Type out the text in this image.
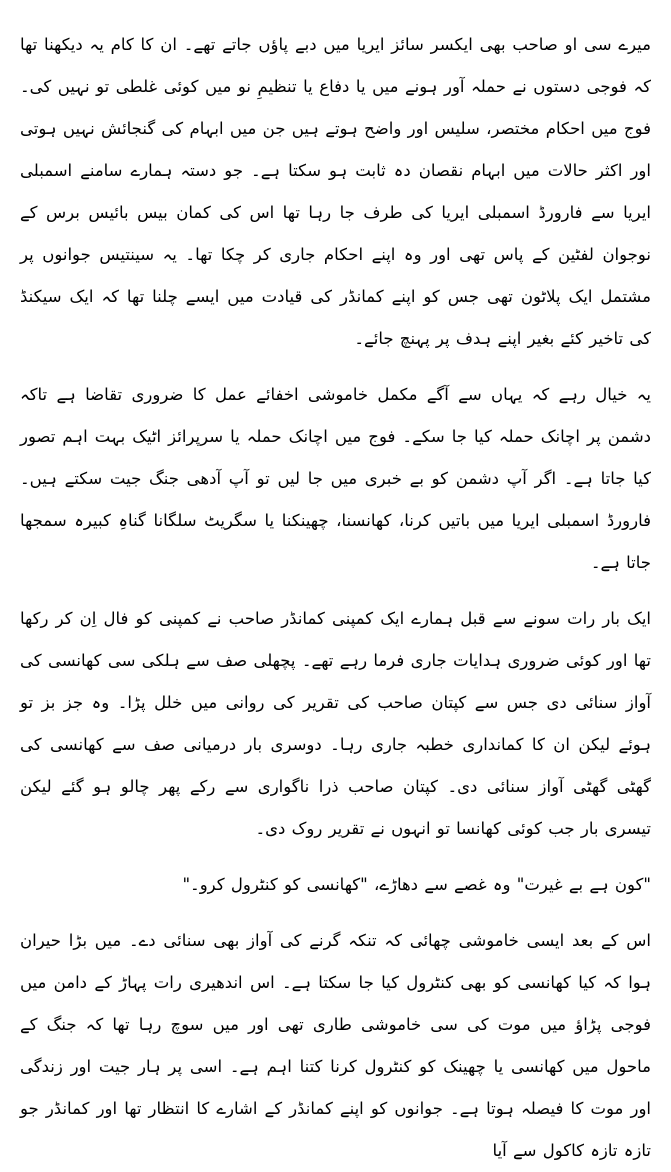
میرے سی او صاحب بھی ایکسر سائز ایریا میں دبے پاؤں جاتے تھے۔ ان کا کام یہ دیکھنا تھا کہ فوجی دستوں نے حملہ آور ہونے میں یا دفاع یا تنظیمِ نو میں کوئی غلطی تو نہیں کی۔ فوج میں احکام مختصر، سلیس اور واضح ہوتے ہیں جن میں ابہام کی گنجائش نہیں ہوتی اور اکثر حالات میں ابہام نقصان دہ ثابت ہو سکتا ہے۔ جو دستہ ہمارے سامنے اسمبلی ایریا سے فارورڈ اسمبلی ایریا کی طرف جا رہا تھا اس کی کمان بیس بائیس برس کے نوجوان لفٹین کے پاس تھی اور وہ اپنے احکام جاری کر چکا تھا۔ یہ سینتیس جوانوں پر مشتمل ایک پلاٹون تھی جس کو اپنے کمانڈر کی قیادت میں ایسے چلنا تھا کہ ایک سیکنڈ کی تاخیر کئے بغیر اپنے ہدف پر پہنچ جائے۔

یہ خیال رہے کہ یہاں سے آگے مکمل خاموشی اخفائے عمل کا ضروری تقاضا ہے تاکہ دشمن پر اچانک حملہ کیا جا سکے۔ فوج میں اچانک حملہ یا سرپرائز اٹیک بہت اہم تصور کیا جاتا ہے۔ اگر آپ دشمن کو بے خبری میں جا لیں تو آپ آدھی جنگ جیت سکتے ہیں۔ فارورڈ اسمبلی ایریا میں باتیں کرنا، کھانسنا، چھینکنا یا سگریٹ سلگانا گناہِ کبیرہ سمجھا جاتا ہے۔

ایک بار رات سونے سے قبل ہمارے ایک کمپنی کمانڈر صاحب نے کمپنی کو فال اِن کر رکھا تھا اور کوئی ضروری ہدایات جاری فرما رہے تھے۔ پچھلی صف سے ہلکی سی کھانسی کی آواز سنائی دی جس سے کپتان صاحب کی تقریر کی روانی میں خلل پڑا۔ وہ جز بز تو ہوئے لیکن ان کا کمانداری خطبہ جاری رہا۔ دوسری بار درمیانی صف سے کھانسی کی گھٹی گھٹی آواز سنائی دی۔ کپتان صاحب ذرا ناگواری سے رکے پھر چالو ہو گئے لیکن تیسری بار جب کوئی کھانسا تو انہوں نے تقریر روک دی۔

"کون ہے بے غیرت" وہ غصے سے دھاڑے، "کھانسی کو کنٹرول کرو۔"

اس کے بعد ایسی خاموشی چھائی کہ تنکہ گرنے کی آواز بھی سنائی دے۔ میں بڑا حیران ہوا کہ کیا کھانسی کو بھی کنٹرول کیا جا سکتا ہے۔ اس اندھیری رات پہاڑ کے دامن میں فوجی پڑاؤ میں موت کی سی خاموشی طاری تھی اور میں سوچ رہا تھا کہ جنگ کے ماحول میں کھانسی یا چھینک کو کنٹرول کرنا کتنا اہم ہے۔ اسی پر ہار جیت اور زندگی اور موت کا فیصلہ ہوتا ہے۔ جوانوں کو اپنے کمانڈر کے اشارے کا انتظار تھا اور کمانڈر جو تازہ تازہ کاکول سے آیا
